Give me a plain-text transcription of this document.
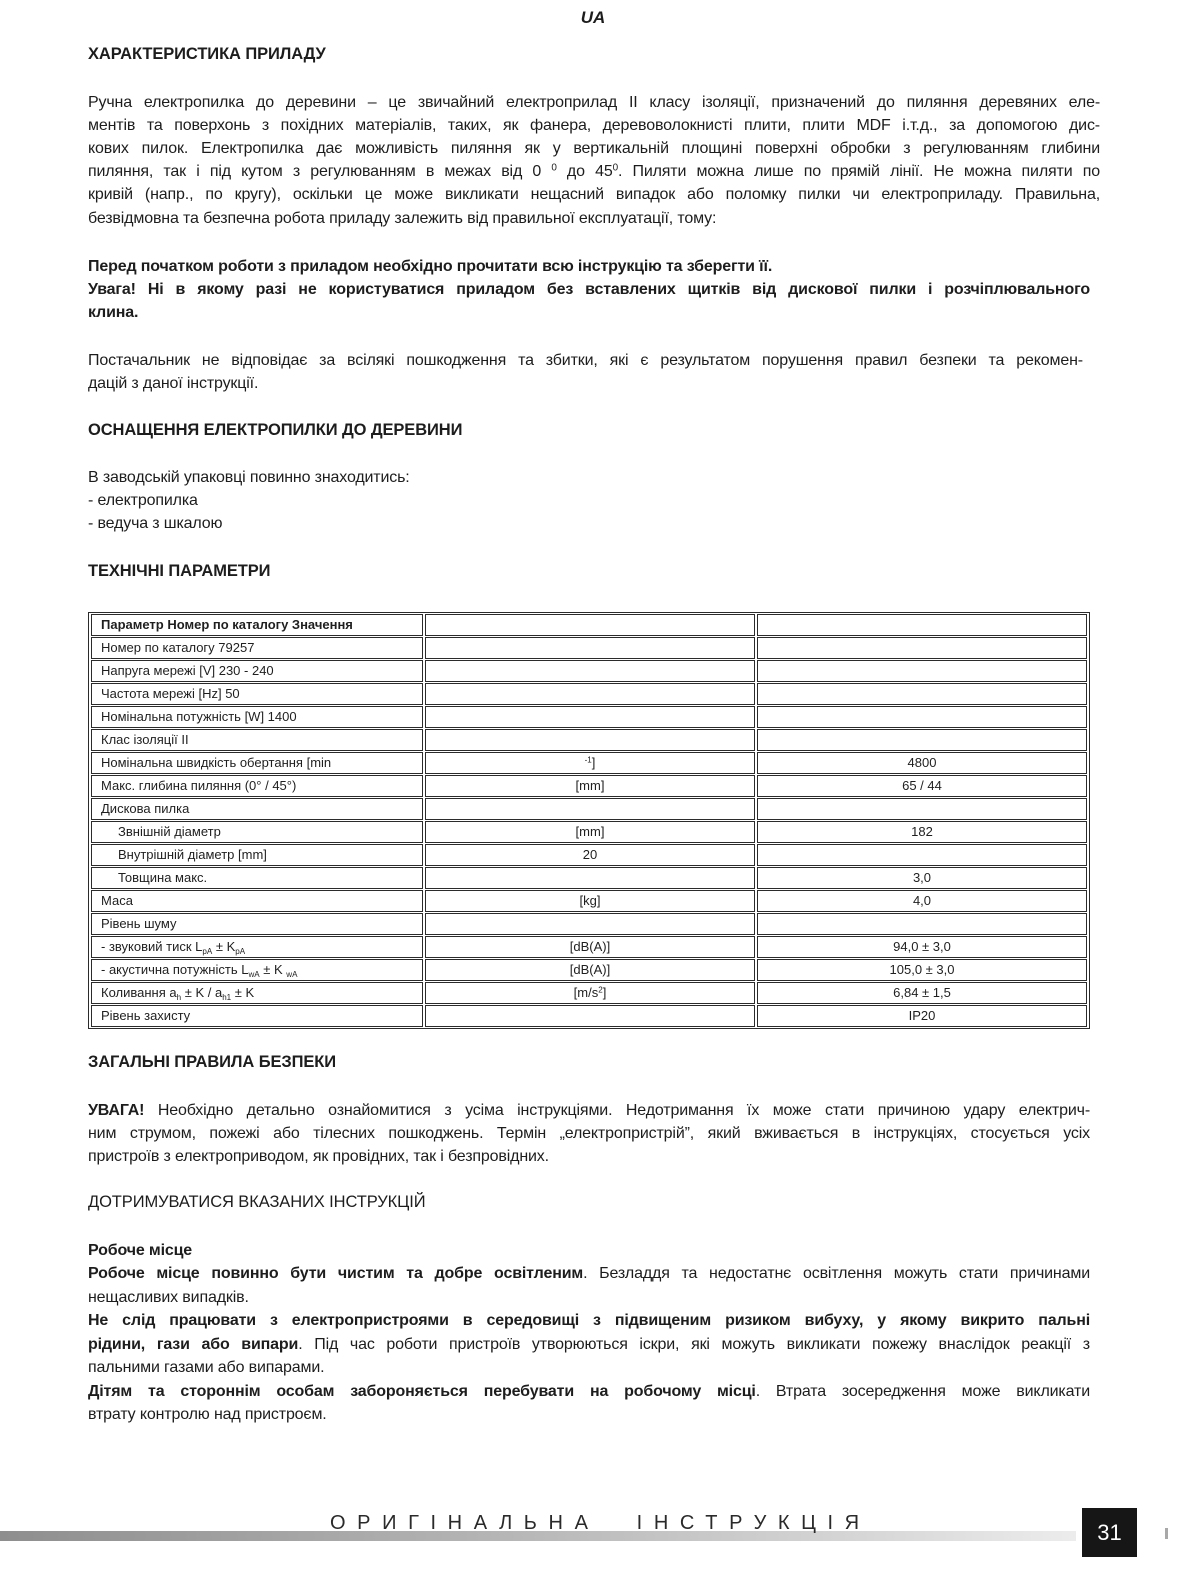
UA
ХАРАКТЕРИСТИКА ПРИЛАДУ
Ручна електропилка до деревини – це звичайний електроприлад ІІ класу ізоляції, призначений до пиляння деревяних еле-
ментів та поверхонь з похідних матеріалів, таких, як фанера, деревоволокнисті плити, плити MDF і.т.д., за допомогою дис-
кових пилок. Електропилка дає можливість пиляння як у вертикальній площині поверхні обробки з регулюванням глибини
пиляння, так і під кутом з регулюванням в межах від 0 $^0$ до $45^0$. Пиляти можна лише по прямій лінії. Не можна пиляти по
кривій (напр., по кругу), оскільки це може викликати нещасний випадок або поломку пилки чи електроприладу. Правильна,
безвідмовна та безпечна робота приладу залежить від правильної експлуатації, тому:
Перед початком роботи з приладом необхідно прочитати всю інструкцію та зберегти її.
Увага! Ні в якому разі не користуватися приладом без вставлених щитків від дискової пилки і розчіплювального
клина.
Постачальник не відповідає за всілякі пошкодження та збитки, які є результатом порушення правил безпеки та рекомен-
дацій з даної інструкції.
ОСНАЩЕННЯ ЕЛЕКТРОПИЛКИ ДО ДЕРЕВИНИ
В заводській упаковці повинно знаходитись:
- електропилка
- ведуча з шкалою
ТЕХНІЧНІ ПАРАМЕТРИ
Параметр Номер по каталогу Значення		
Номер по каталогу 79257		
Напруга мережі [V] 230 - 240		
Частота мережі [Hz] 50		
Номінальна потужність [W] 1400		
Клас ізоляції II		
Номінальна швидкість обертання [min	$^{-1}$]	4800
Макс. глибина пиляння (0° / 45°)	[mm]	65 / 44
Дискова пилка		
Звнішній діаметр	[mm]	182
Внутрішній діаметр [mm]	20	
Товщина макс.		3,0
Маса	[kg]	4,0
Рівень шуму		
- звуковий тиск $L_{pA} \pm K_{pA}$	[dB(A)]	94,0 ± 3,0
- акустична потужність $L_{wA} \pm K$ $_{wA}$	[dB(A)]	105,0 ± 3,0
Коливання $a_h \pm K / a_{h1} \pm K$	$[m/s^2]$	6,84 ± 1,5
Рівень захисту		IP20
ЗАГАЛЬНІ ПРАВИЛА БЕЗПЕКИ
УВАГА! Необхідно детально ознайомитися з усіма інструкціями. Недотримання їх може стати причиною удару електрич-
ним струмом, пожежі або тілесних пошкоджень. Термін „електропристрій”, який вживається в інструкціях, стосується усіх
пристроїв з електроприводом, як провідних, так і безпровідних.
ДОТРИМУВАТИСЯ ВКАЗАНИХ ІНСТРУКЦІЙ
Робоче місце
Робоче місце повинно бути чистим та добре освітленим. Безладдя та недостатнє освітлення можуть стати причинами
нещасливих випадків.
Не слід працювати з електропристроями в середовищі з підвищеним ризиком вибуху, у якому викрито пальні
рідини, гази або випари. Під час роботи пристроїв утворюються іскри, які можуть викликати пожежу внаслідок реакції з
пальними газами або випарами.
Дітям та стороннім особам забороняється перебувати на робочому місці. Втрата зосередження може викликати
втрату контролю над пристроєм.
ОРИГІНАЛЬНА ІНСТРУКЦІЯ	31
